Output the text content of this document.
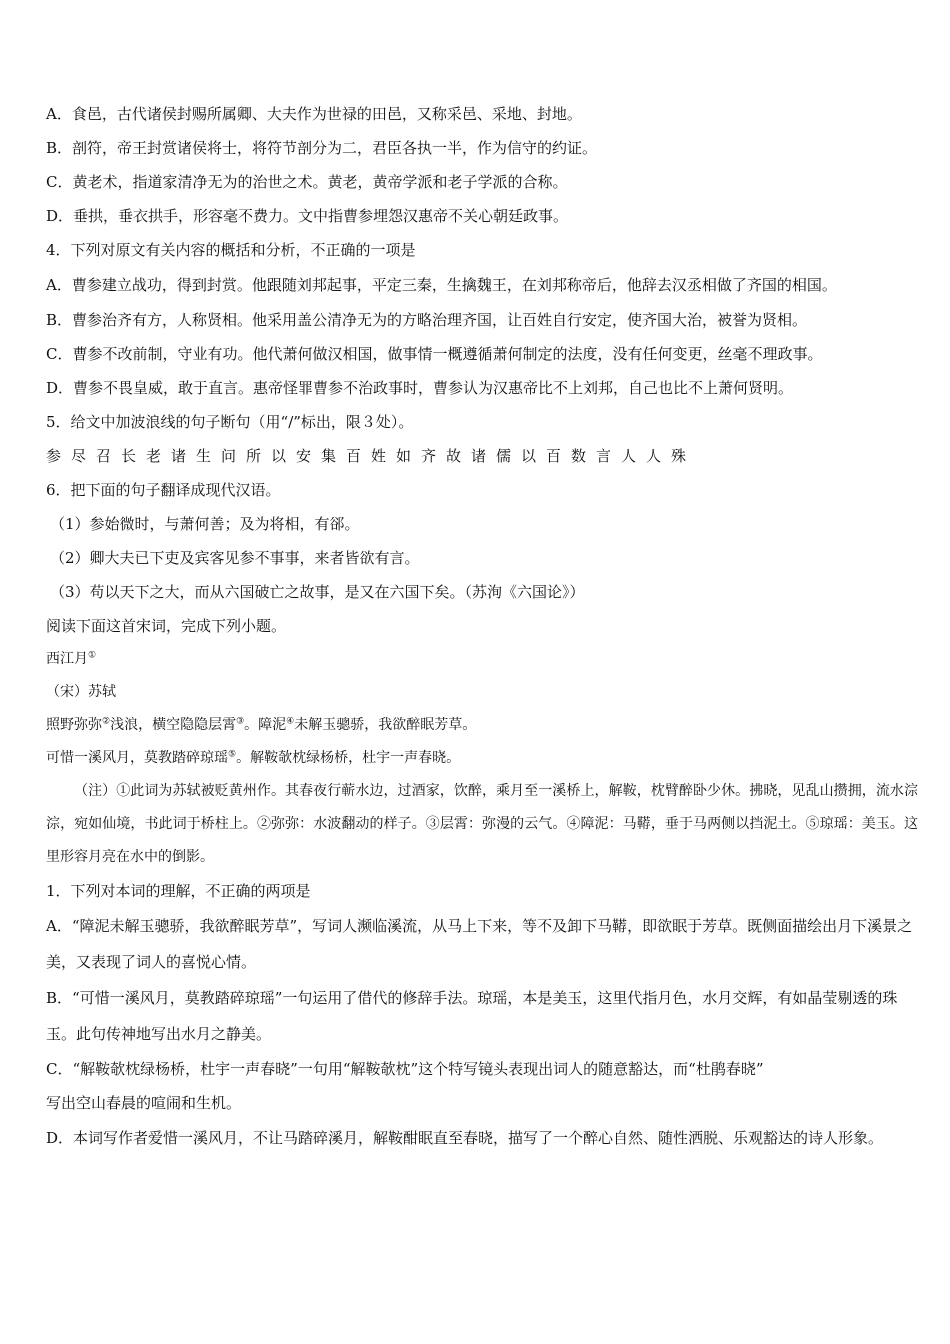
A．食邑，古代诸侯封赐所属卿、大夫作为世禄的田邑，又称采邑、采地、封地。
B．剖符，帝王封赏诸侯将士，将符节剖分为二，君臣各执一半，作为信守的约证。
C．黄老术，指道家清净无为的治世之术。黄老，黄帝学派和老子学派的合称。
D．垂拱，垂衣拱手，形容毫不费力。文中指曹参埋怨汉惠帝不关心朝廷政事。
4．下列对原文有关内容的概括和分析，不正确的一项是
A．曹参建立战功，得到封赏。他跟随刘邦起事，平定三秦，生擒魏王，在刘邦称帝后，他辞去汉丞相做了齐国的相国。
B．曹参治齐有方，人称贤相。他采用盖公清净无为的方略治理齐国，让百姓自行安定，使齐国大治，被誉为贤相。
C．曹参不改前制，守业有功。他代萧何做汉相国，做事情一概遵循萧何制定的法度，没有任何变更，丝毫不理政事。
D．曹参不畏皇威，敢于直言。惠帝怪罪曹参不治政事时，曹参认为汉惠帝比不上刘邦，自己也比不上萧何贤明。
5．给文中加波浪线的句子断句（用“/”标出，限３处）。
参尽召长老诸生问所以安集百姓如齐故诸儒以百数言人人殊
6．把下面的句子翻译成现代汉语。
（1）参始微时，与萧何善；及为将相，有郤。
（2）卿大夫已下吏及宾客见参不事事，来者皆欲有言。
（3）苟以天下之大，而从六国破亡之故事，是又在六国下矣。（苏洵《六国论》）
阅读下面这首宋词，完成下列小题。
西江月①
（宋）苏轼
照野弥弥②浅浪，横空隐隐层霄③。障泥④未解玉骢骄，我欲醉眠芳草。
可惜一溪风月，莫教踏碎琼瑶⑤。解鞍欹枕绿杨桥，杜宇一声春晓。
（注）①此词为苏轼被贬黄州作。其春夜行蕲水边，过酒家，饮醉，乘月至一溪桥上，解鞍，枕臂醉卧少休。拂晓，见乱山攒拥，流水淙淙，宛如仙境，书此词于桥柱上。②弥弥：水波翻动的样子。③层霄：弥漫的云气。④障泥：马鞯，垂于马两侧以挡泥土。⑤琼瑶：美玉。这里形容月亮在水中的倒影。
1．下列对本词的理解，不正确的两项是
A．“障泥未解玉骢骄，我欲醉眠芳草”，写词人濒临溪流，从马上下来，等不及卸下马鞯，即欲眠于芳草。既侧面描绘出月下溪景之美，又表现了词人的喜悦心情。
B．“可惜一溪风月，莫教踏碎琼瑶”一句运用了借代的修辞手法。琼瑶，本是美玉，这里代指月色，水月交辉，有如晶莹剔透的珠玉。此句传神地写出水月之静美。
C．“解鞍欹枕绿杨桥，杜宇一声春晓”一句用“解鞍欹枕”这个特写镜头表现出词人的随意豁达，而“杜鹃春晓”
写出空山春晨的喧闹和生机。
D．本词写作者爱惜一溪风月，不让马踏碎溪月，解鞍酣眠直至春晓，描写了一个醉心自然、随性洒脱、乐观豁达的诗人形象。
